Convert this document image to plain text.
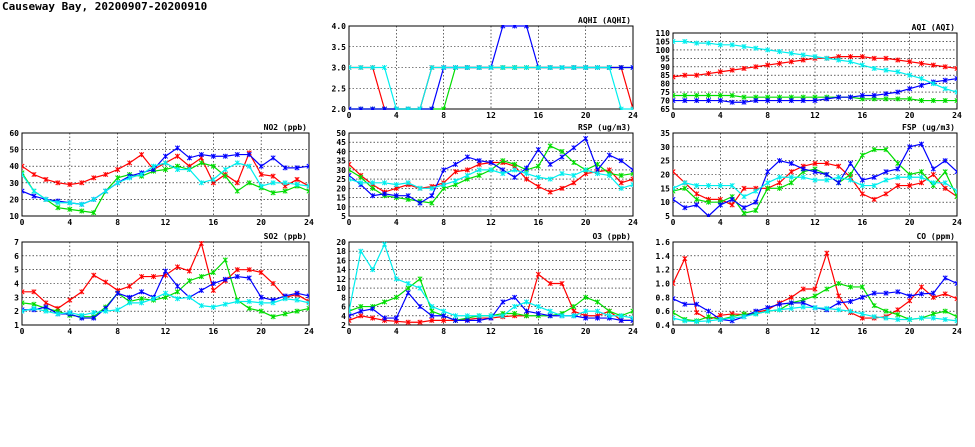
Causeway Bay, 20200907-20200910
0	4	8	12	16	20	24
2.0
2.5
3.0
3.5
4.0
AQHI (AQHI)
0	4	8	12	16	20	24
65
70
75
80
85
90
95
100
105
110
AQI (AQI)
0	4	8	12	16	20	24
10
20
30
40
50
60
NO2 (ppb)
0	4	8	12	16	20	24
5
10
15
20
25
30
35
40
45
50
RSP (ug/m3)
0	4	8	12	16	20	24
5
10
15
20
25
30
35
FSP (ug/m3)
0	4	8	12	16	20	24
1
2
3
4
5
6
7
SO2 (ppb)
0	4	8	12	16	20	24
2
4
6
8
10
12
14
16
18
20
O3 (ppb)
0	4	8	12	16	20	24
0.4
0.6
0.8
1.0
1.2
1.4
1.6
CO (ppm)
